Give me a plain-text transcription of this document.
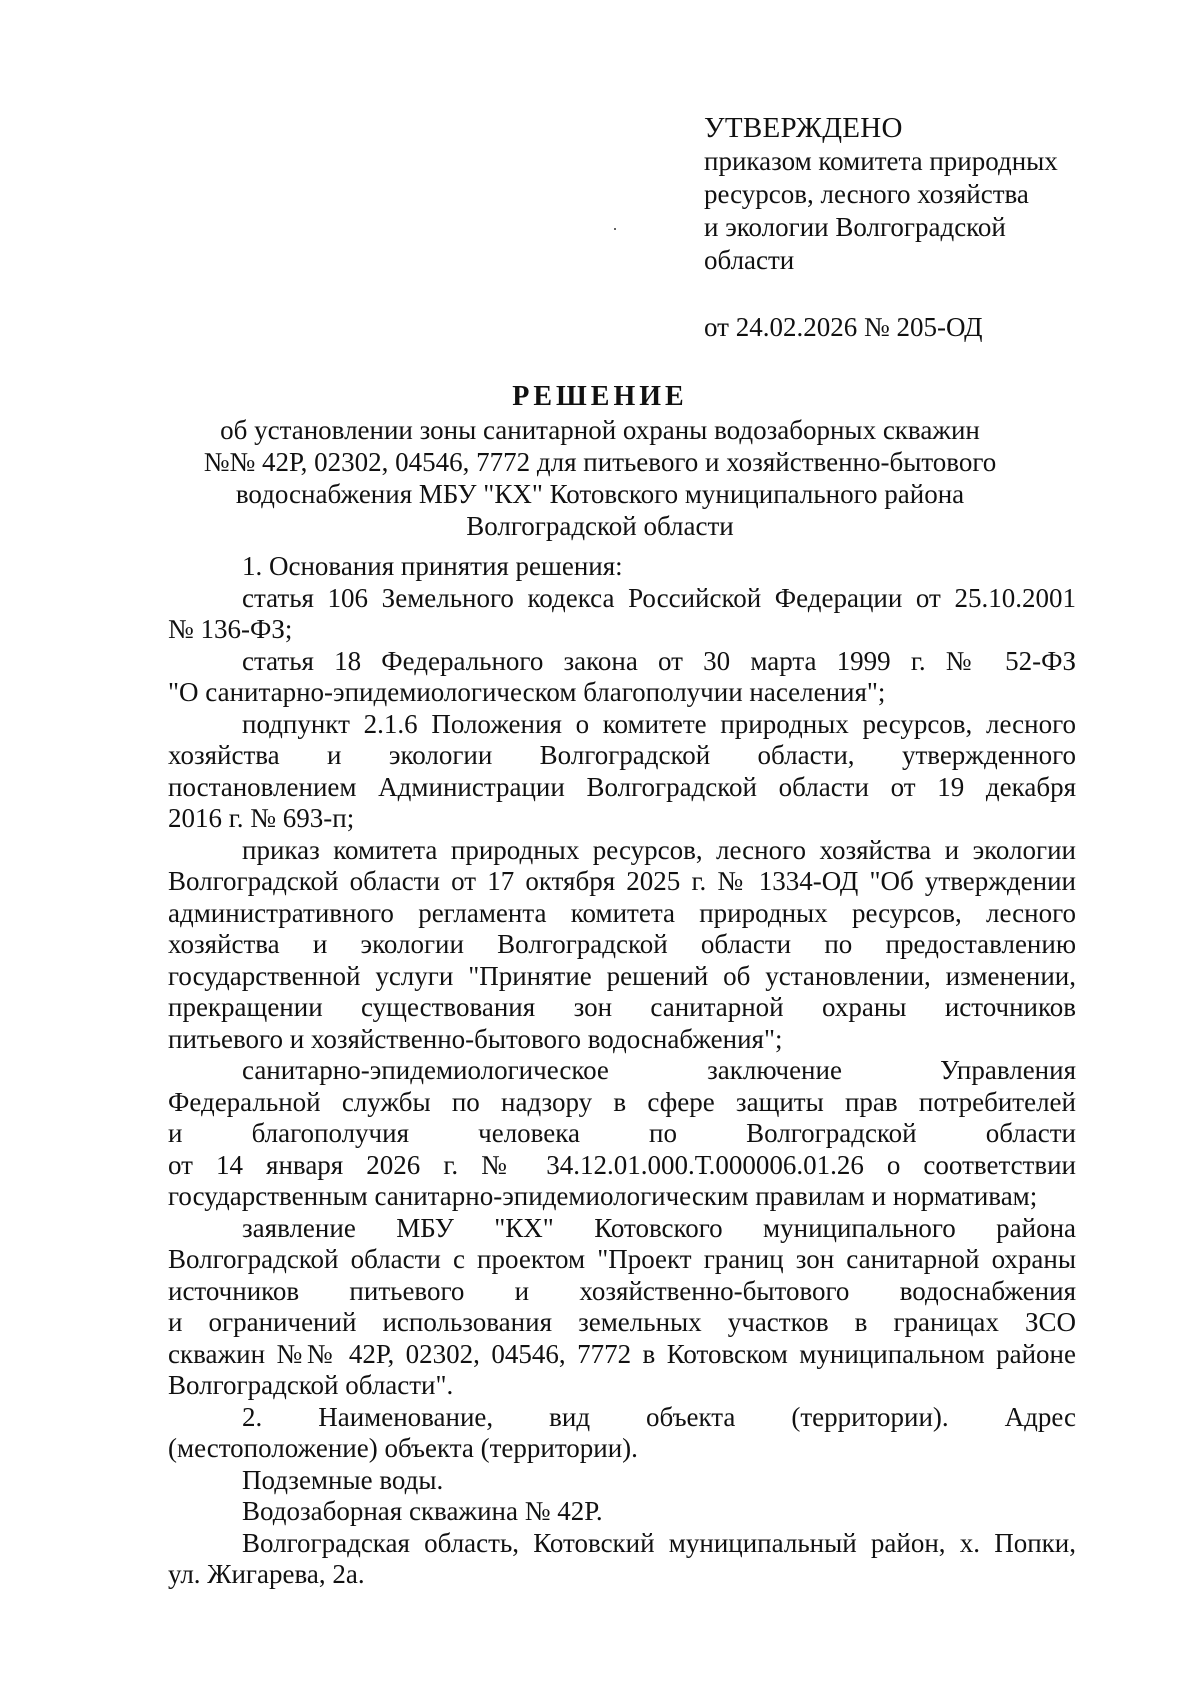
УТВЕРЖДЕНО
приказом комитета природных
ресурсов, лесного хозяйства
и экологии Волгоградской
области
от 24.02.2026 № 205-ОД
РЕШЕНИЕ
об установлении зоны санитарной охраны водозаборных скважин
№№ 42Р, 02302, 04546, 7772 для питьевого и хозяйственно-бытового
водоснабжения МБУ "КХ" Котовского муниципального района
Волгоградской области
1. Основания принятия решения:
статья 106 Земельного кодекса Российской Федерации от 25.10.2001
№ 136-ФЗ;
статья 18 Федерального закона от 30 марта 1999 г. № 52-ФЗ
"О санитарно-эпидемиологическом благополучии населения";
подпункт 2.1.6 Положения о комитете природных ресурсов, лесного
хозяйства и экологии Волгоградской области, утвержденного
постановлением Администрации Волгоградской области от 19 декабря
2016 г. № 693-п;
приказ комитета природных ресурсов, лесного хозяйства и экологии
Волгоградской области от 17 октября 2025 г. № 1334-ОД "Об утверждении
административного регламента комитета природных ресурсов, лесного
хозяйства и экологии Волгоградской области по предоставлению
государственной услуги "Принятие решений об установлении, изменении,
прекращении существования зон санитарной охраны источников
питьевого и хозяйственно-бытового водоснабжения";
санитарно-эпидемиологическое заключение Управления
Федеральной службы по надзору в сфере защиты прав потребителей
и благополучия человека по Волгоградской области
от 14 января 2026 г. № 34.12.01.000.Т.000006.01.26 о соответствии
государственным санитарно-эпидемиологическим правилам и нормативам;
заявление МБУ "КХ" Котовского муниципального района
Волгоградской области с проектом "Проект границ зон санитарной охраны
источников питьевого и хозяйственно-бытового водоснабжения
и ограничений использования земельных участков в границах ЗСО
скважин №№ 42Р, 02302, 04546, 7772 в Котовском муниципальном районе
Волгоградской области".
2. Наименование, вид объекта (территории). Адрес
(местоположение) объекта (территории).
Подземные воды.
Водозаборная скважина № 42Р.
Волгоградская область, Котовский муниципальный район, х. Попки,
ул. Жигарева, 2а.
